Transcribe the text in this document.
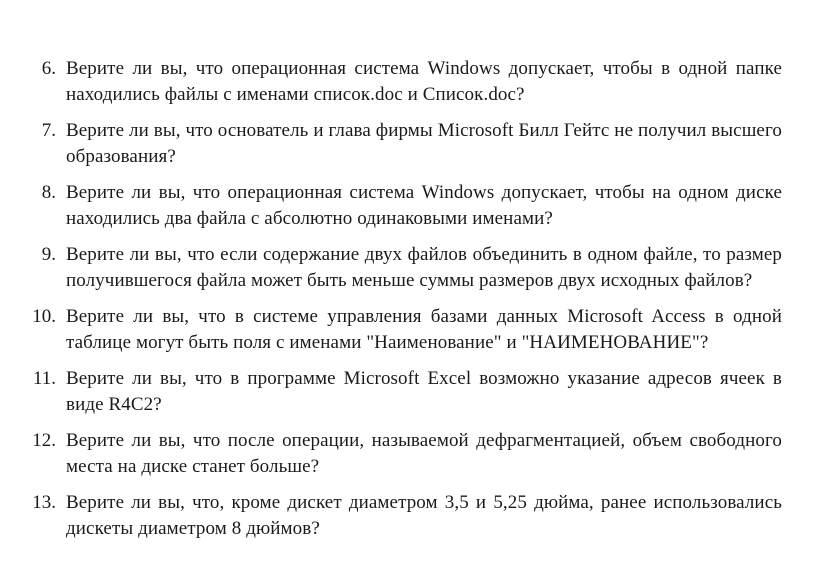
6. Верите ли вы, что операционная система Windows допускает, чтобы в одной папке находились файлы с именами список.doc и Список.doc?

7. Верите ли вы, что основатель и глава фирмы Microsoft Билл Гейтс не получил высшего образования?

8. Верите ли вы, что операционная система Windows допускает, чтобы на одном диске находились два файла с абсолютно одинаковыми именами?

9. Верите ли вы, что если содержание двух файлов объединить в одном файле, то размер получившегося файла может быть меньше суммы размеров двух исходных файлов?

10. Верите ли вы, что в системе управления базами данных Microsoft Access в одной таблице могут быть поля с именами "Наименование" и "НАИМЕНОВАНИЕ"?

11. Верите ли вы, что в программе Microsoft Excel возможно указание адресов ячеек в виде R4C2?

12. Верите ли вы, что после операции, называемой дефрагментацией, объем свободного места на диске станет больше?

13. Верите ли вы, что, кроме дискет диаметром 3,5 и 5,25 дюйма, ранее использовались дискеты диаметром 8 дюймов?
